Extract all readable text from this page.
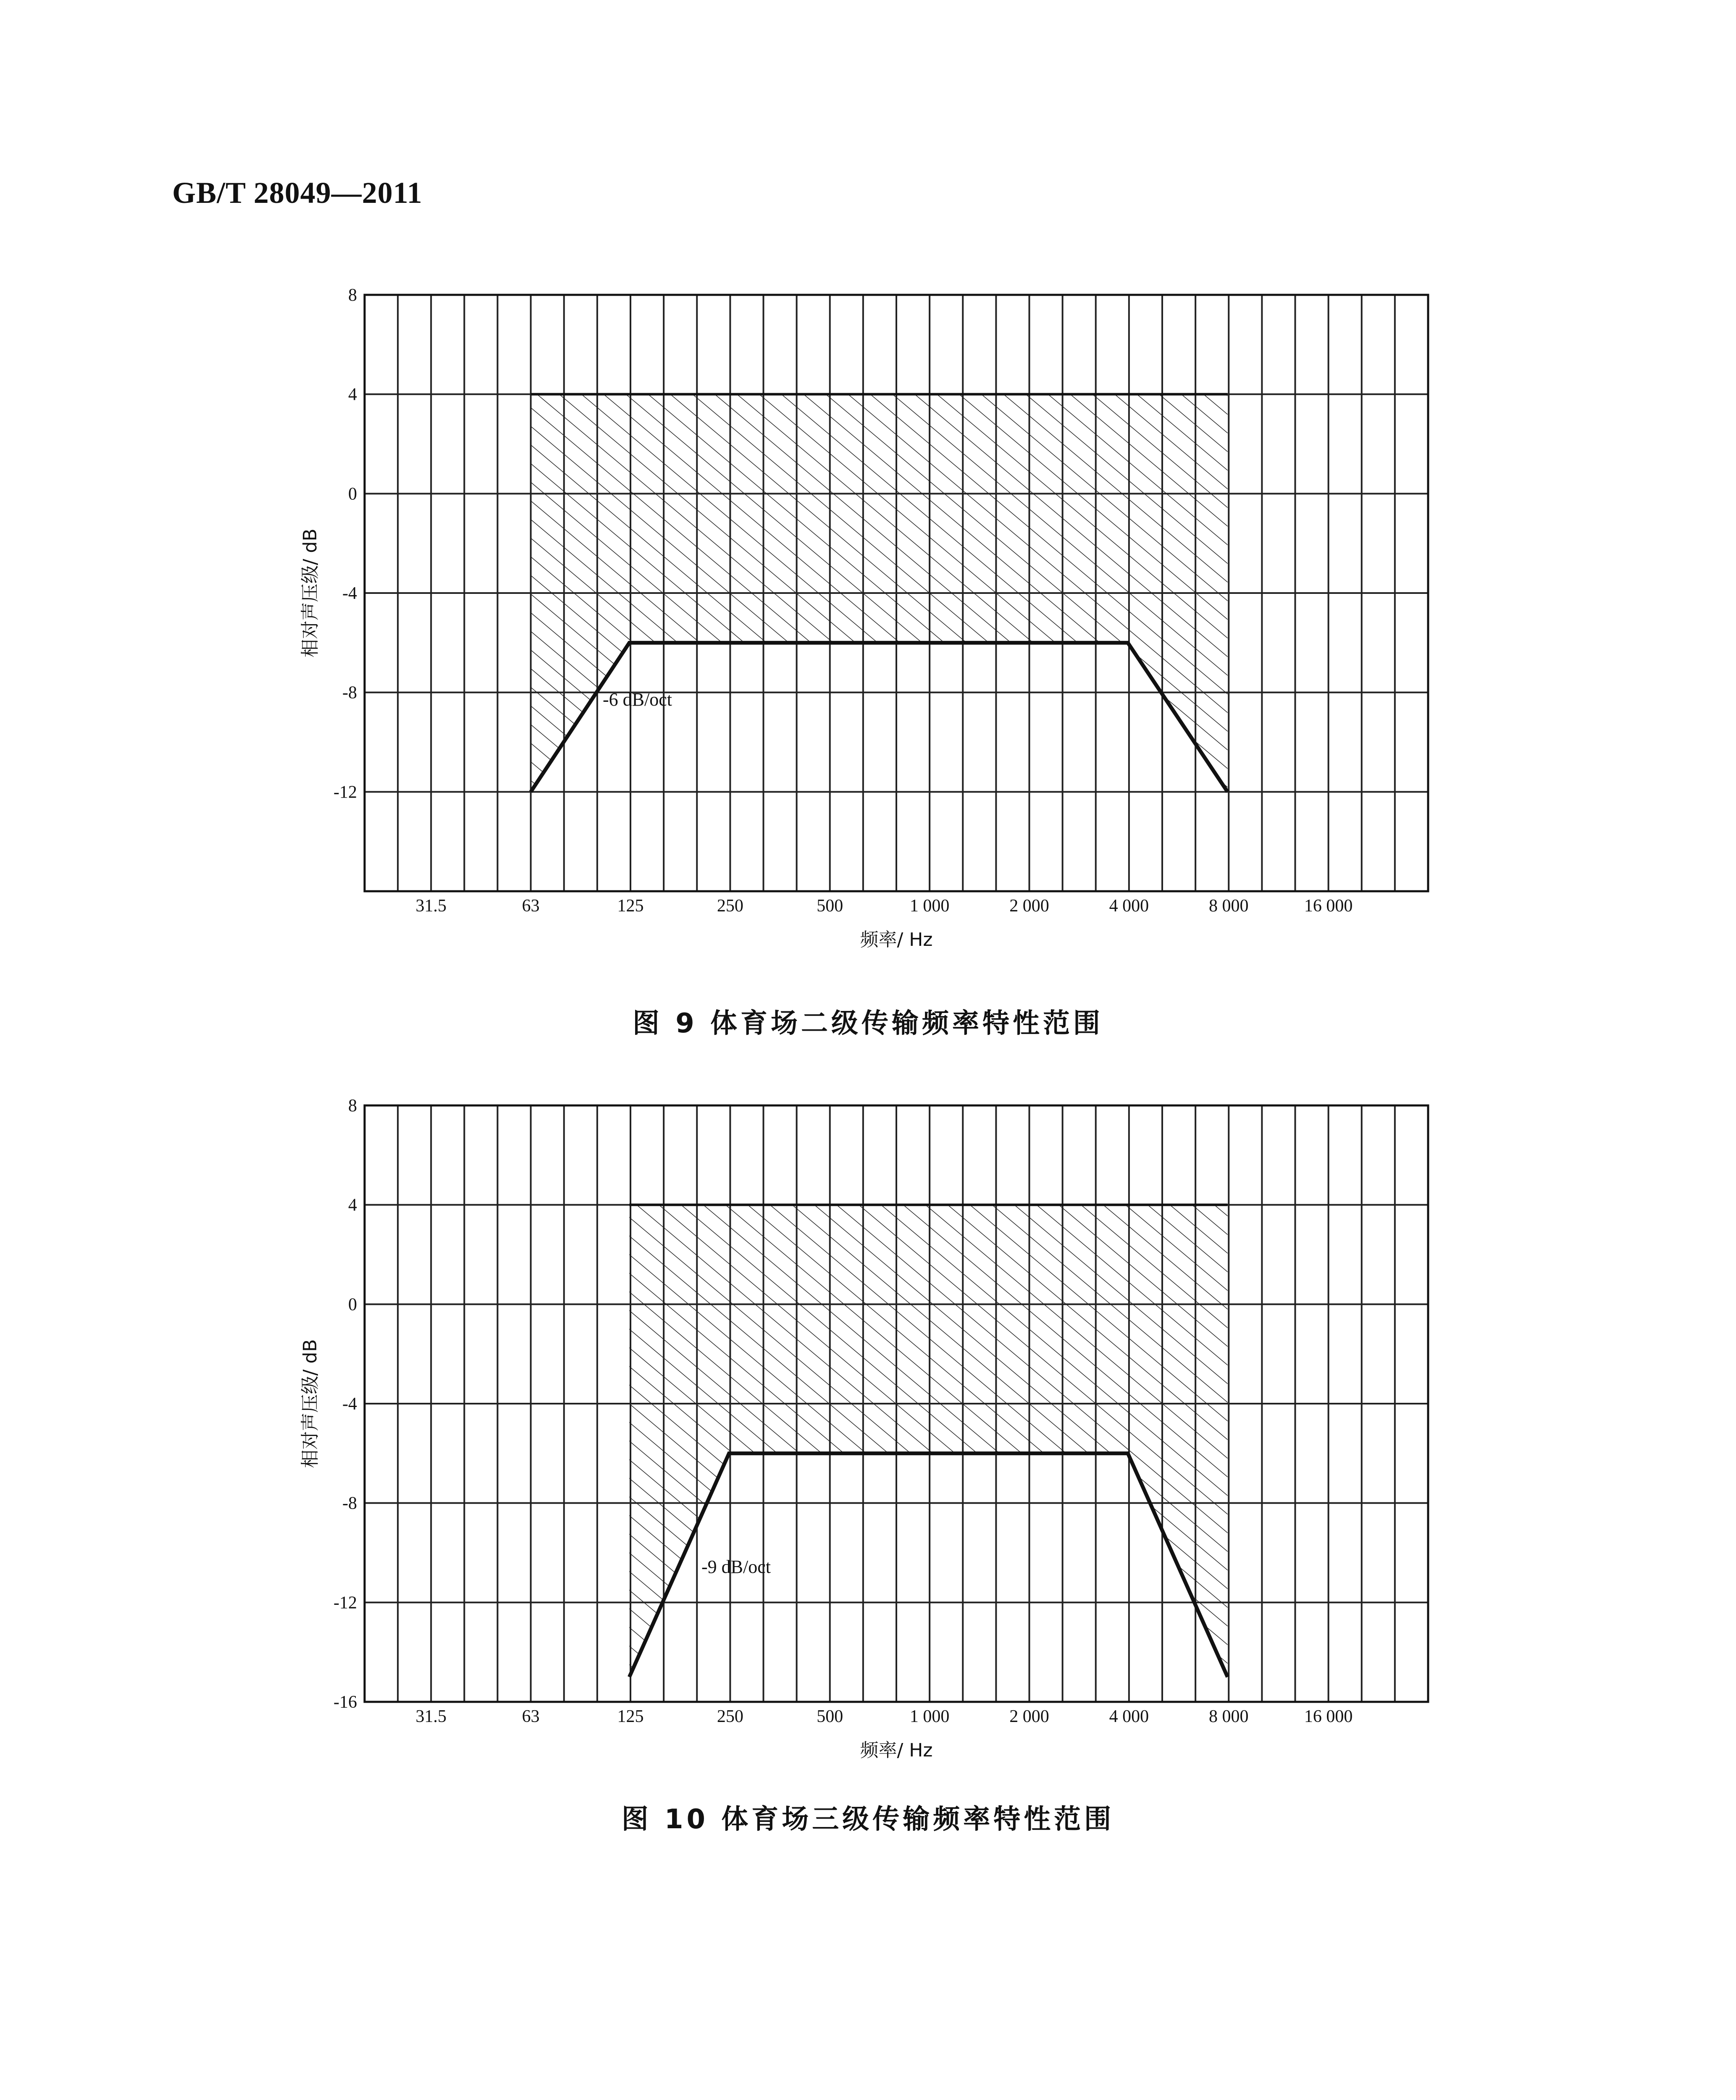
GB/T 28049—2011
8
4
0
-4
-8
-12
31.5	63	125	250	500	1 000	2 000	4 000	8 000	16 000
频率/ Hz
相对声压级/ dB
-6 dB/oct
图 9 体育场二级传输频率特性范围
8
4
0
-4
-8
-12
-16
31.5	63	125	250	500	1 000	2 000	4 000	8 000	16 000
频率/ Hz
相对声压级/ dB
-9 dB/oct
图 10 体育场三级传输频率特性范围
